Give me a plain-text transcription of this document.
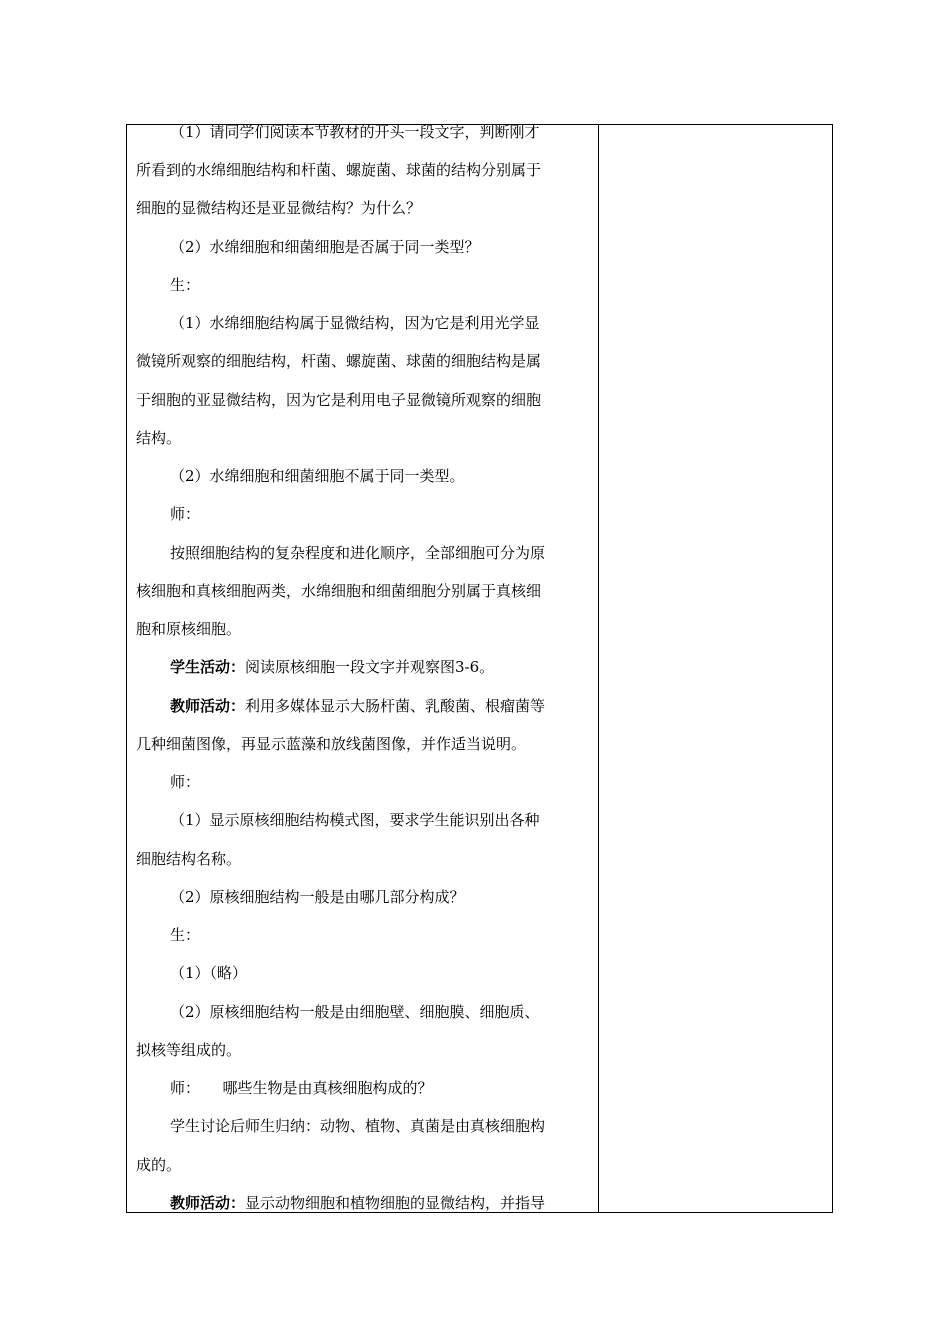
（1）请同学们阅读本节教材的开头一段文字，判断刚才
所看到的水绵细胞结构和杆菌、螺旋菌、球菌的结构分别属于
细胞的显微结构还是亚显微结构？为什么？
（2）水绵细胞和细菌细胞是否属于同一类型？
生：
（1）水绵细胞结构属于显微结构，因为它是利用光学显
微镜所观察的细胞结构，杆菌、螺旋菌、球菌的细胞结构是属
于细胞的亚显微结构，因为它是利用电子显微镜所观察的细胞
结构。
（2）水绵细胞和细菌细胞不属于同一类型。
师：
按照细胞结构的复杂程度和进化顺序，全部细胞可分为原
核细胞和真核细胞两类，水绵细胞和细菌细胞分别属于真核细
胞和原核细胞。
学生活动：阅读原核细胞一段文字并观察图3-6。
教师活动：利用多媒体显示大肠杆菌、乳酸菌、根瘤菌等
几种细菌图像，再显示蓝藻和放线菌图像，并作适当说明。
师：
（1）显示原核细胞结构模式图，要求学生能识别出各种
细胞结构名称。
（2）原核细胞结构一般是由哪几部分构成？
生：
（1）（略）
（2）原核细胞结构一般是由细胞壁、细胞膜、细胞质、
拟核等组成的。
师：　　哪些生物是由真核细胞构成的？
学生讨论后师生归纳：动物、植物、真菌是由真核细胞构
成的。
教师活动：显示动物细胞和植物细胞的显微结构，并指导
